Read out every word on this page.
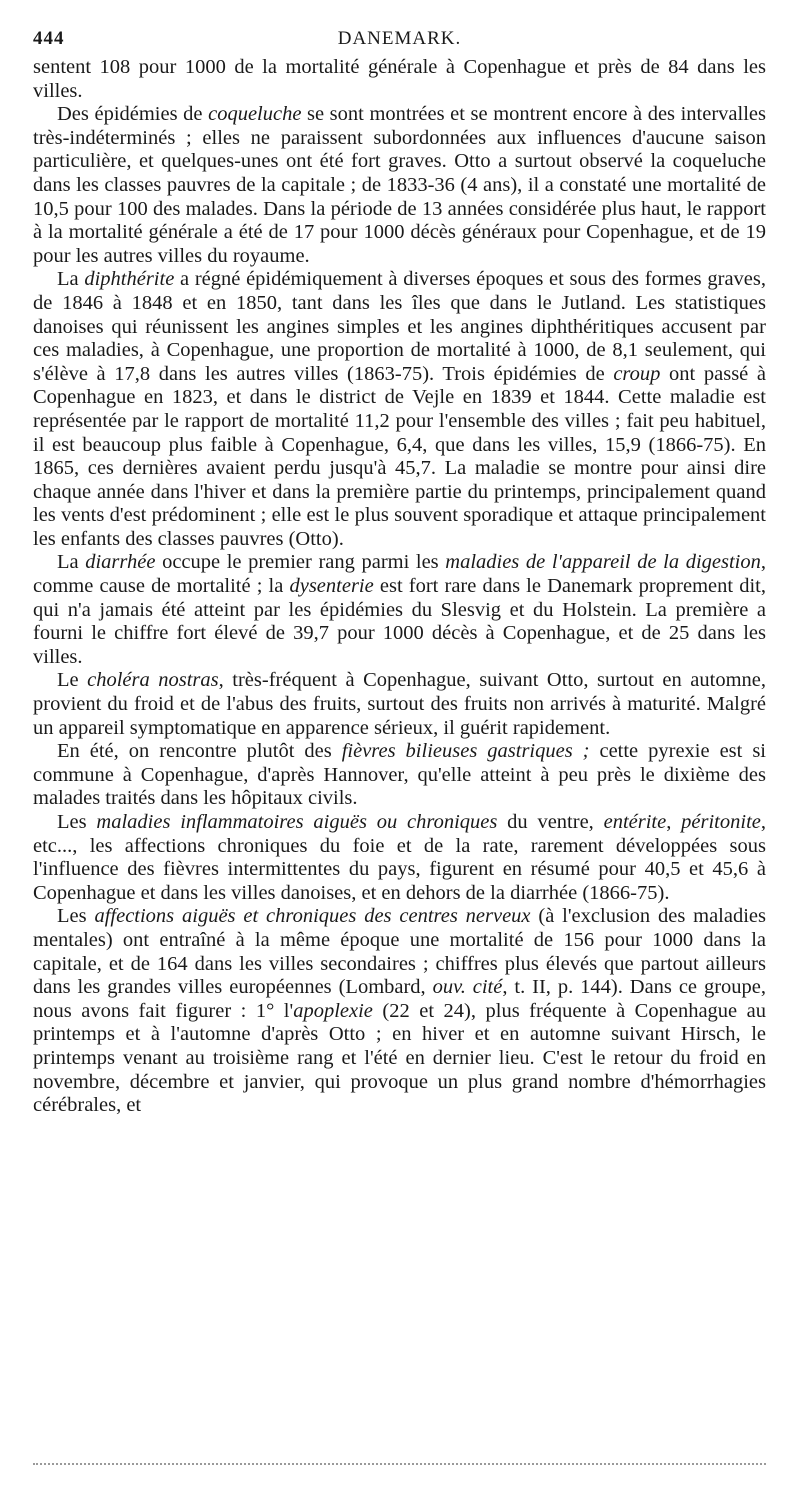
444	DANEMARK.

sentent 108 pour 1000 de la mortalité générale à Copenhague et près de 84 dans les villes.

Des épidémies de coqueluche se sont montrées et se montrent encore à des intervalles très-indéterminés ; elles ne paraissent subordonnées aux influences d'aucune saison particulière, et quelques-unes ont été fort graves. Otto a surtout observé la coqueluche dans les classes pauvres de la capitale ; de 1833-36 (4 ans), il a constaté une mortalité de 10,5 pour 100 des malades. Dans la période de 13 années considérée plus haut, le rapport à la mortalité générale a été de 17 pour 1000 décès généraux pour Copenhague, et de 19 pour les autres villes du royaume.

La diphthérite a régné épidémiquement à diverses époques et sous des formes graves, de 1846 à 1848 et en 1850, tant dans les îles que dans le Jutland. Les statistiques danoises qui réunissent les angines simples et les angines diphthéritiques accusent par ces maladies, à Copenhague, une proportion de mortalité à 1000, de 8,1 seulement, qui s'élève à 17,8 dans les autres villes (1863-75). Trois épidémies de croup ont passé à Copenhague en 1823, et dans le district de Vejle en 1839 et 1844. Cette maladie est représentée par le rapport de mortalité 11,2 pour l'ensemble des villes ; fait peu habituel, il est beaucoup plus faible à Copenhague, 6,4, que dans les villes, 15,9 (1866-75). En 1865, ces dernières avaient perdu jusqu'à 45,7. La maladie se montre pour ainsi dire chaque année dans l'hiver et dans la première partie du printemps, principalement quand les vents d'est prédominent ; elle est le plus souvent sporadique et attaque principalement les enfants des classes pauvres (Otto).

La diarrhée occupe le premier rang parmi les maladies de l'appareil de la digestion, comme cause de mortalité ; la dysenterie est fort rare dans le Danemark proprement dit, qui n'a jamais été atteint par les épidémies du Slesvig et du Holstein. La première a fourni le chiffre fort élevé de 39,7 pour 1000 décès à Copenhague, et de 25 dans les villes.

Le choléra nostras, très-fréquent à Copenhague, suivant Otto, surtout en automne, provient du froid et de l'abus des fruits, surtout des fruits non arrivés à maturité. Malgré un appareil symptomatique en apparence sérieux, il guérit rapidement.

En été, on rencontre plutôt des fièvres bilieuses gastriques ; cette pyrexie est si commune à Copenhague, d'après Hannover, qu'elle atteint à peu près le dixième des malades traités dans les hôpitaux civils.

Les maladies inflammatoires aiguës ou chroniques du ventre, entérite, péritonite, etc..., les affections chroniques du foie et de la rate, rarement développées sous l'influence des fièvres intermittentes du pays, figurent en résumé pour 40,5 et 45,6 à Copenhague et dans les villes danoises, et en dehors de la diarrhée (1866-75).

Les affections aiguës et chroniques des centres nerveux (à l'exclusion des maladies mentales) ont entraîné à la même époque une mortalité de 156 pour 1000 dans la capitale, et de 164 dans les villes secondaires ; chiffres plus élevés que partout ailleurs dans les grandes villes européennes (Lombard, ouv. cité, t. II, p. 144). Dans ce groupe, nous avons fait figurer : 1° l'apoplexie (22 et 24), plus fréquente à Copenhague au printemps et à l'automne d'après Otto ; en hiver et en automne suivant Hirsch, le printemps venant au troisième rang et l'été en dernier lieu. C'est le retour du froid en novembre, décembre et janvier, qui provoque un plus grand nombre d'hémorrhagies cérébrales, et
